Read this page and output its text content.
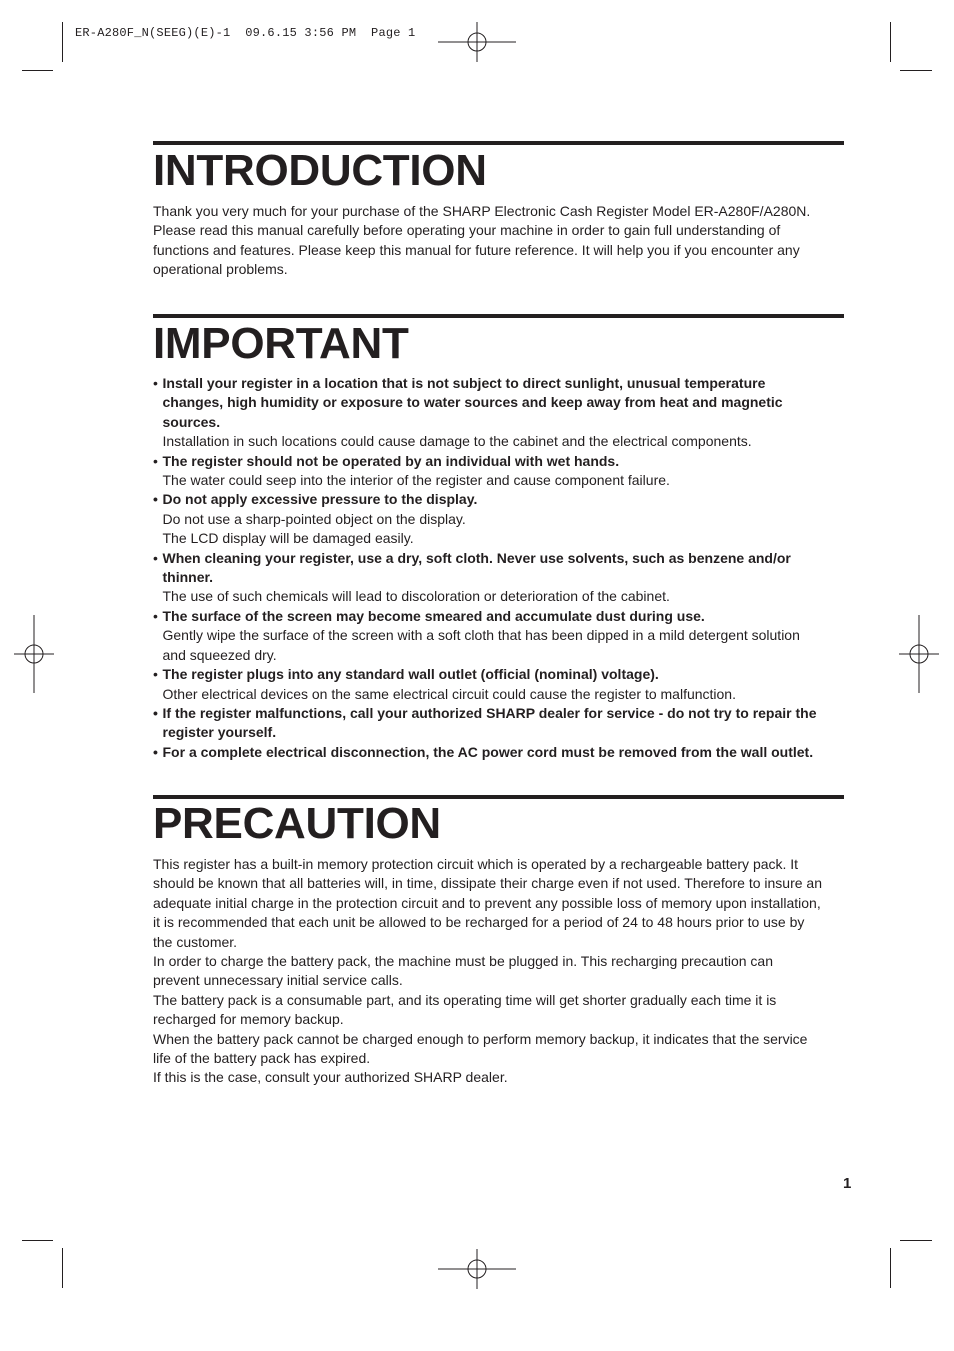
ER-A280F_N(SEEG)(E)-1  09.6.15 3:56 PM  Page 1
INTRODUCTION
Thank you very much for your purchase of the SHARP Electronic Cash Register Model ER-A280F/A280N.
Please read this manual carefully before operating your machine in order to gain full understanding of
functions and features. Please keep this manual for future reference. It will help you if you encounter any
operational problems.
IMPORTANT
• Install your register in a location that is not subject to direct sunlight, unusual temperature
changes, high humidity or exposure to water sources and keep away from heat and magnetic
sources.
Installation in such locations could cause damage to the cabinet and the electrical components.
• The register should not be operated by an individual with wet hands.
The water could seep into the interior of the register and cause component failure.
• Do not apply excessive pressure to the display.
Do not use a sharp-pointed object on the display.
The LCD display will be damaged easily.
• When cleaning your register, use a dry, soft cloth. Never use solvents, such as benzene and/or
thinner.
The use of such chemicals will lead to discoloration or deterioration of the cabinet.
• The surface of the screen may become smeared and accumulate dust during use.
Gently wipe the surface of the screen with a soft cloth that has been dipped in a mild detergent solution
and squeezed dry.
• The register plugs into any standard wall outlet (official (nominal) voltage).
Other electrical devices on the same electrical circuit could cause the register to malfunction.
• If the register malfunctions, call your authorized SHARP dealer for service - do not try to repair the
register yourself.
• For a complete electrical disconnection, the AC power cord must be removed from the wall outlet.
PRECAUTION
This register has a built-in memory protection circuit which is operated by a rechargeable battery pack. It
should be known that all batteries will, in time, dissipate their charge even if not used. Therefore to insure an
adequate initial charge in the protection circuit and to prevent any possible loss of memory upon installation,
it is recommended that each unit be allowed to be recharged for a period of 24 to 48 hours prior to use by
the customer.
In order to charge the battery pack, the machine must be plugged in. This recharging precaution can
prevent unnecessary initial service calls.
The battery pack is a consumable part, and its operating time will get shorter gradually each time it is
recharged for memory backup.
When the battery pack cannot be charged enough to perform memory backup, it indicates that the service
life of the battery pack has expired.
If this is the case, consult your authorized SHARP dealer.
1
